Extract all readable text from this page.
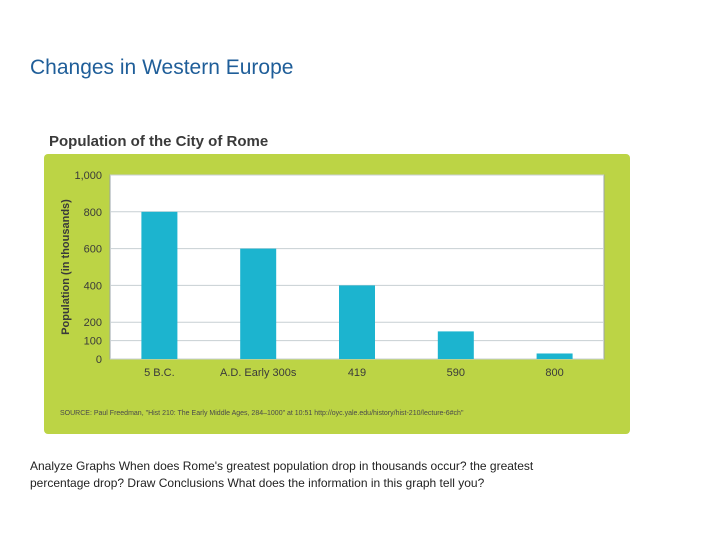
Changes in Western Europe
Population of the City of Rome
0
100
200
400
600
800
1,000
Population (in thousands)
5 B.C.	A.D. Early 300s	419	590	800
SOURCE: Paul Freedman, "Hist 210: The Early Middle Ages, 284–1000" at 10:51 http://oyc.yale.edu/history/hist-210/lecture-6#ch"
Analyze Graphs When does Rome's greatest population drop in thousands occur? the greatest percentage drop? Draw Conclusions What does the information in this graph tell you?
